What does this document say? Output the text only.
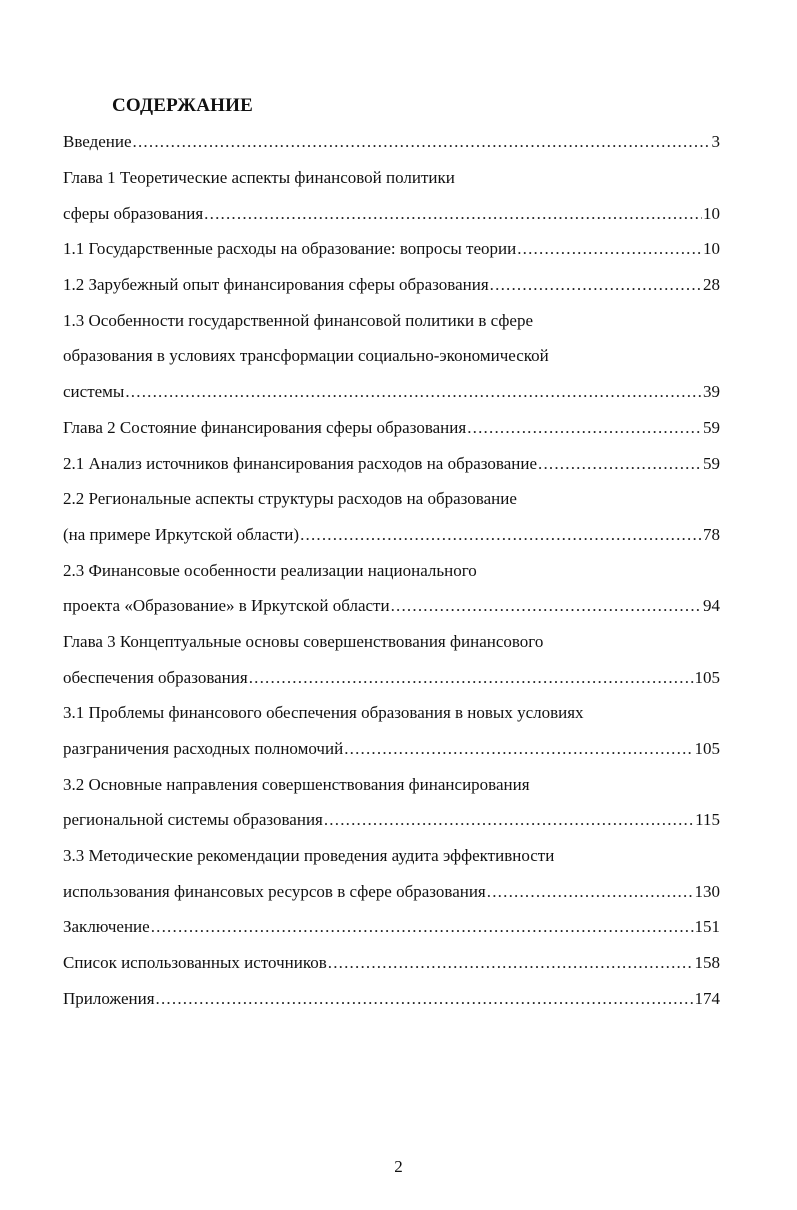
СОДЕРЖАНИЕ
Введение .....	3
Глава 1 Теоретические аспекты финансовой политики
сферы образования .....	10
1.1 Государственные расходы на образование: вопросы теории .....	10
1.2 Зарубежный опыт финансирования сферы образования .....	28
1.3 Особенности государственной финансовой политики в сфере
образования в условиях трансформации социально-экономической
системы .....	39
Глава 2 Состояние финансирования сферы образования .....	59
2.1 Анализ источников финансирования расходов на образование .....	59
2.2 Региональные аспекты структуры расходов на образование
(на примере Иркутской области) .....	78
2.3 Финансовые особенности реализации национального
проекта «Образование» в Иркутской области .....	94
Глава 3 Концептуальные основы совершенствования финансового
обеспечения образования .....	105
3.1 Проблемы финансового обеспечения образования в новых условиях
разграничения расходных полномочий .....	105
3.2 Основные направления совершенствования финансирования
региональной системы образования .....	115
3.3 Методические рекомендации проведения аудита эффективности
использования финансовых ресурсов в сфере образования .....	130
Заключение .....	151
Список использованных источников .....	158
Приложения .....	174
2
